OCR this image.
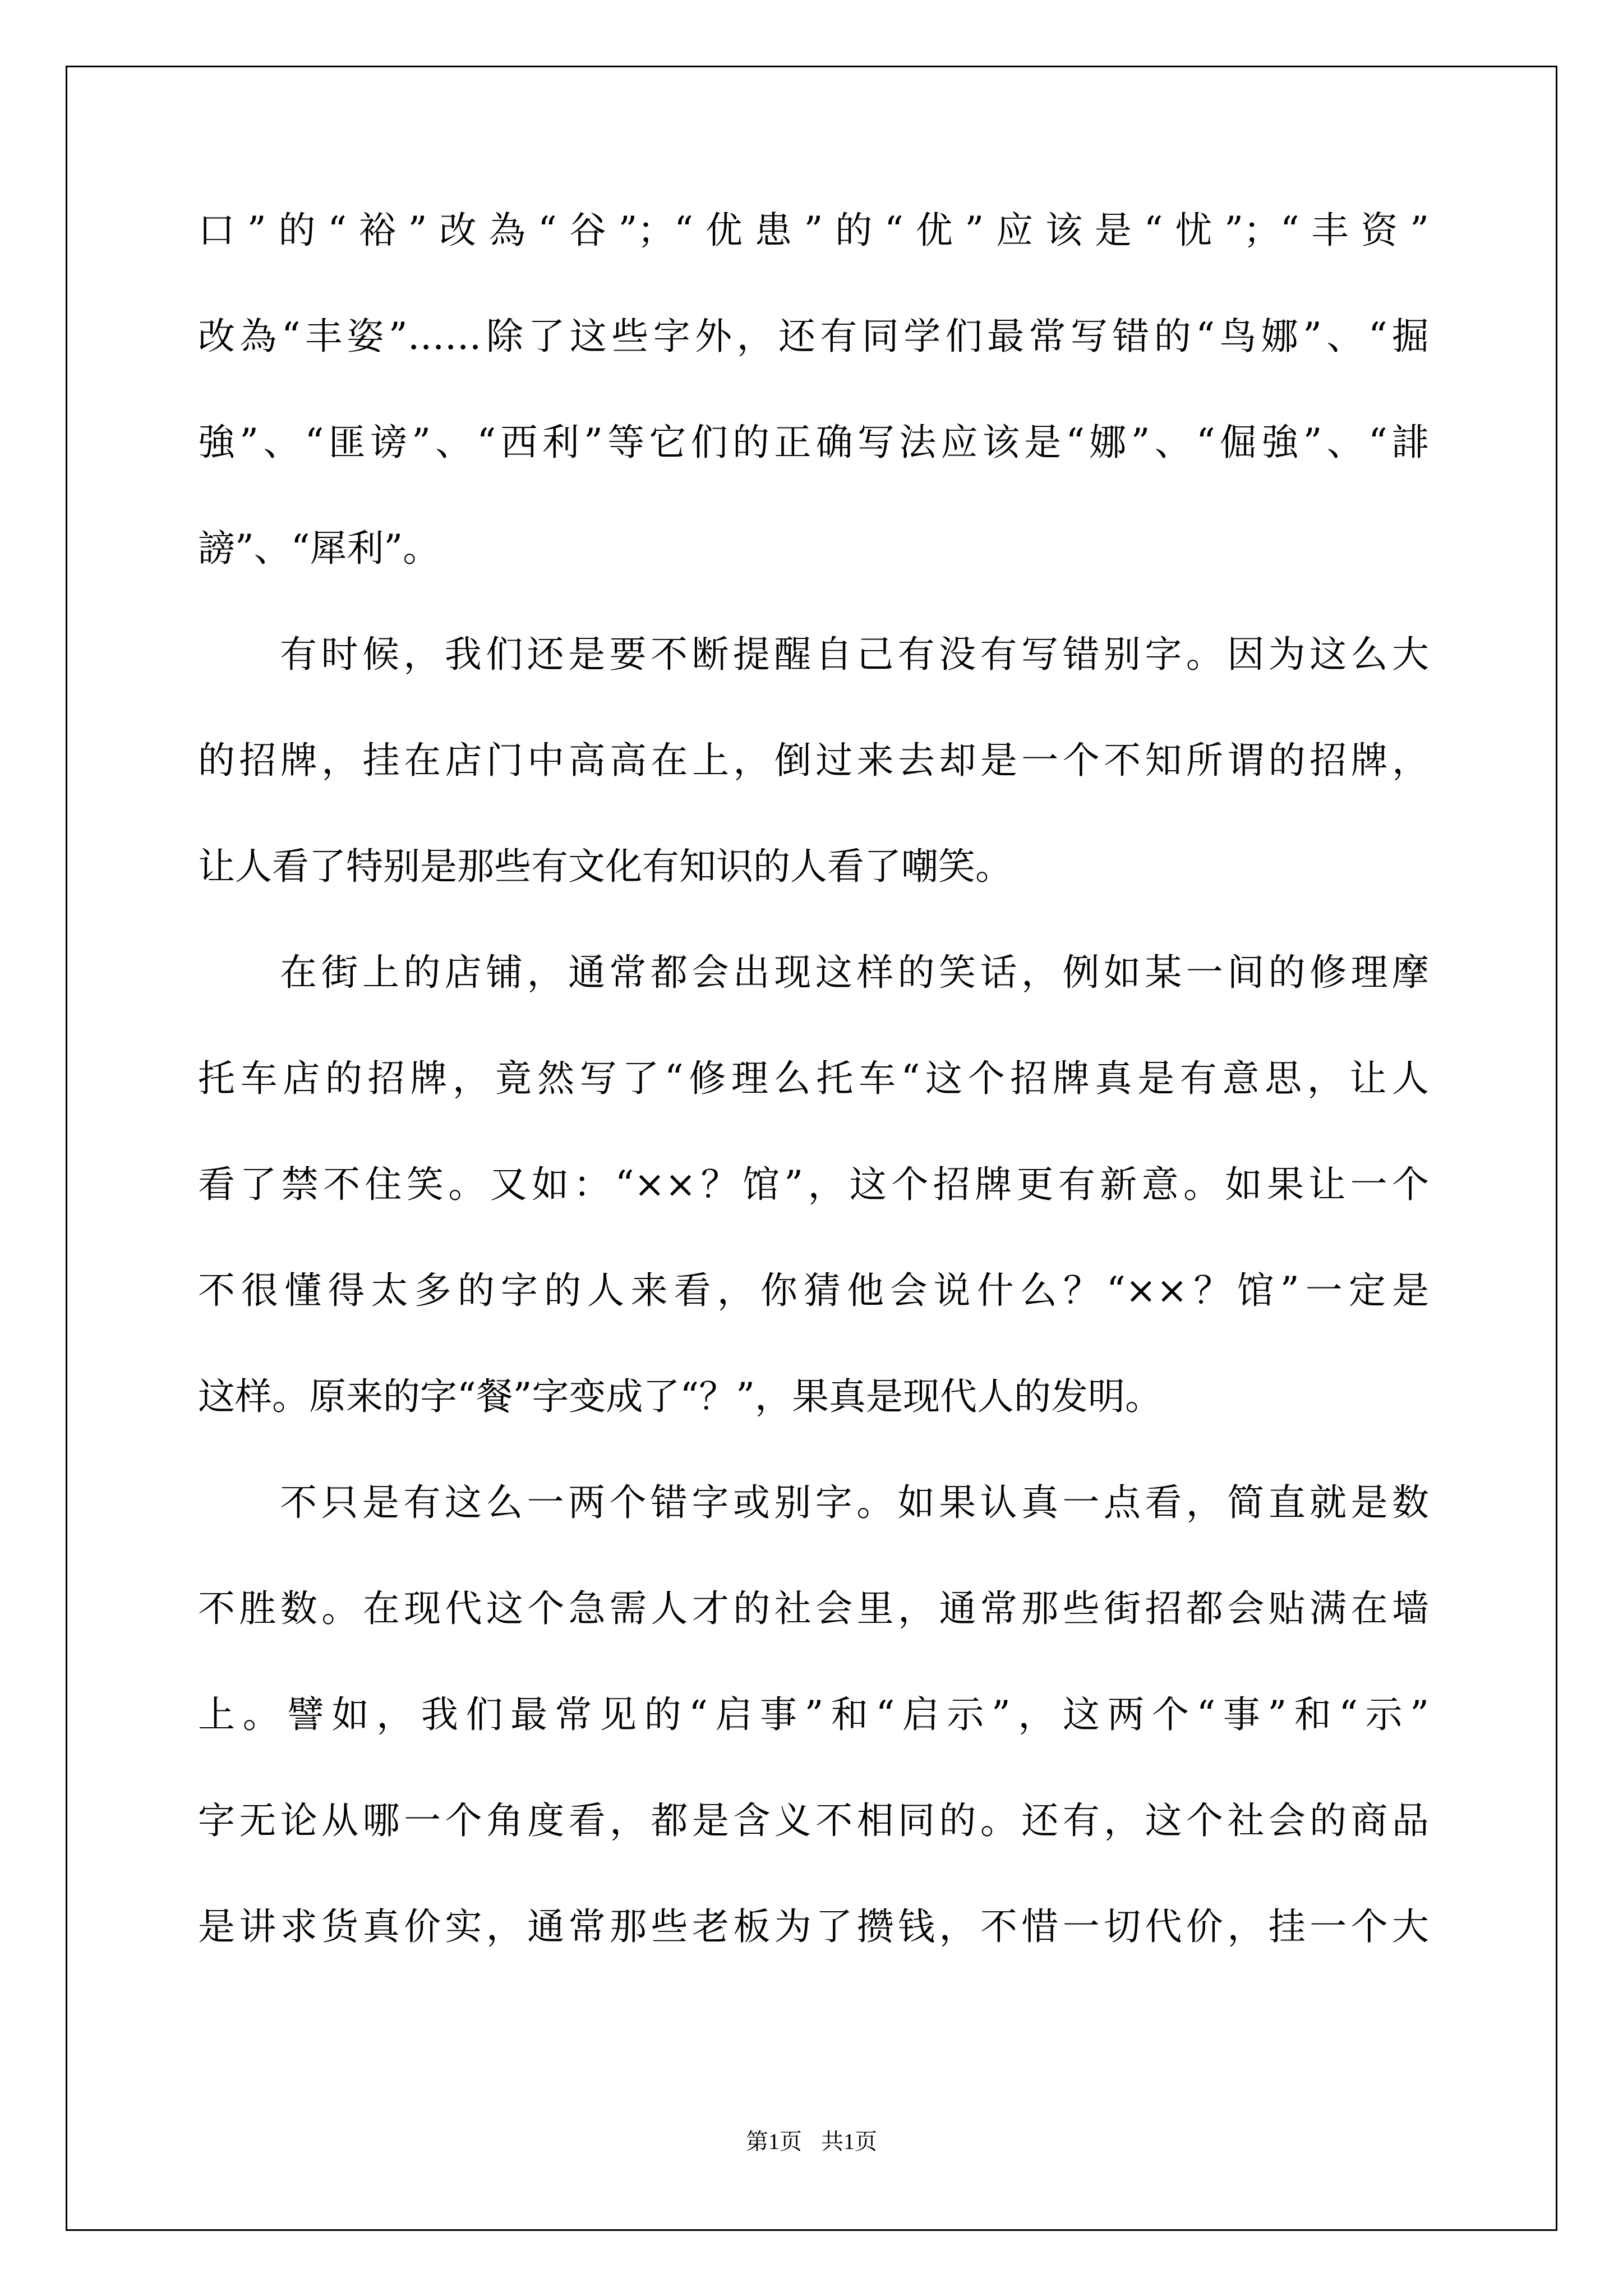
口”的“裕”改為“谷”；“优患”的“优”应该是“忧”；“丰资”
改為“丰姿”……除了这些字外，还有同学们最常写错的“鸟娜”、“掘
強”、“匪谤”、“西利”等它们的正确写法应该是“娜”、“倔強”、“誹
謗”、“犀利”。
有时候，我们还是要不断提醒自己有没有写错别字。因为这么大
的招牌，挂在店门中高高在上，倒过来去却是一个不知所谓的招牌，
让人看了特别是那些有文化有知识的人看了嘲笑。
在街上的店铺，通常都会出现这样的笑话，例如某一间的修理摩
托车店的招牌，竟然写了“修理么托车“这个招牌真是有意思，让人
看了禁不住笑。又如：“××？馆”，这个招牌更有新意。如果让一个
不很懂得太多的字的人来看，你猜他会说什么？“××？馆”一定是
这样。原来的字“餐”字变成了“？”，果真是现代人的发明。
不只是有这么一两个错字或别字。如果认真一点看，简直就是数
不胜数。在现代这个急需人才的社会里，通常那些街招都会贴满在墙
上。譬如，我们最常见的“启事”和“启示”，这两个“事”和“示”
字无论从哪一个角度看，都是含义不相同的。还有，这个社会的商品
是讲求货真价实，通常那些老板为了攒钱，不惜一切代价，挂一个大
第1页 共1页
